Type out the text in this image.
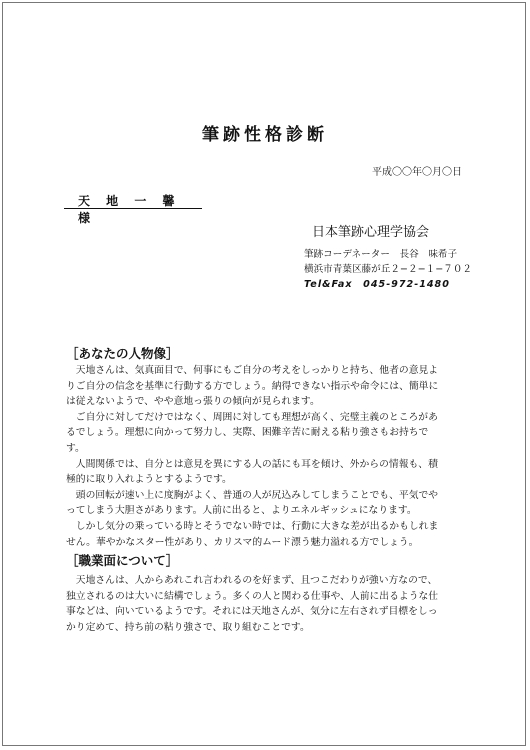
筆跡性格診断
平成〇〇年〇月〇日
天 地 一 馨 様
日本筆跡心理学協会
筆跡コーデネーター　長谷　味希子
横浜市青葉区藤が丘２−２−１−７０２
Tel&Fax　045-972-1480
［あなたの人物像］

天地さんは、気真面目で、何事にもご自分の考えをしっかりと持ち、他者の意見よりご自分の信念を基準に行動する方でしょう。納得できない指示や命令には、簡単には従えないようで、やや意地っ張りの傾向が見られます。

ご自分に対してだけではなく、周囲に対しても理想が高く、完璧主義のところがあるでしょう。理想に向かって努力し、実際、困難辛苦に耐える粘り強さもお持ちです。

人間関係では、自分とは意見を異にする人の話にも耳を傾け、外からの情報も、積極的に取り入れようとするようです。

頭の回転が速い上に度胸がよく、普通の人が尻込みしてしまうことでも、平気でやってしまう大胆さがあります。人前に出ると、よりエネルギッシュになります。

しかし気分の乗っている時とそうでない時では、行動に大きな差が出るかもしれません。華やかなスター性があり、カリスマ的ムード漂う魅力溢れる方でしょう。

［職業面について］

天地さんは、人からあれこれ言われるのを好まず、且つこだわりが強い方なので、独立されるのは大いに結構でしょう。多くの人と関わる仕事や、人前に出るような仕事などは、向いているようです。それには天地さんが、気分に左右されず目標をしっかり定めて、持ち前の粘り強さで、取り組むことです。
